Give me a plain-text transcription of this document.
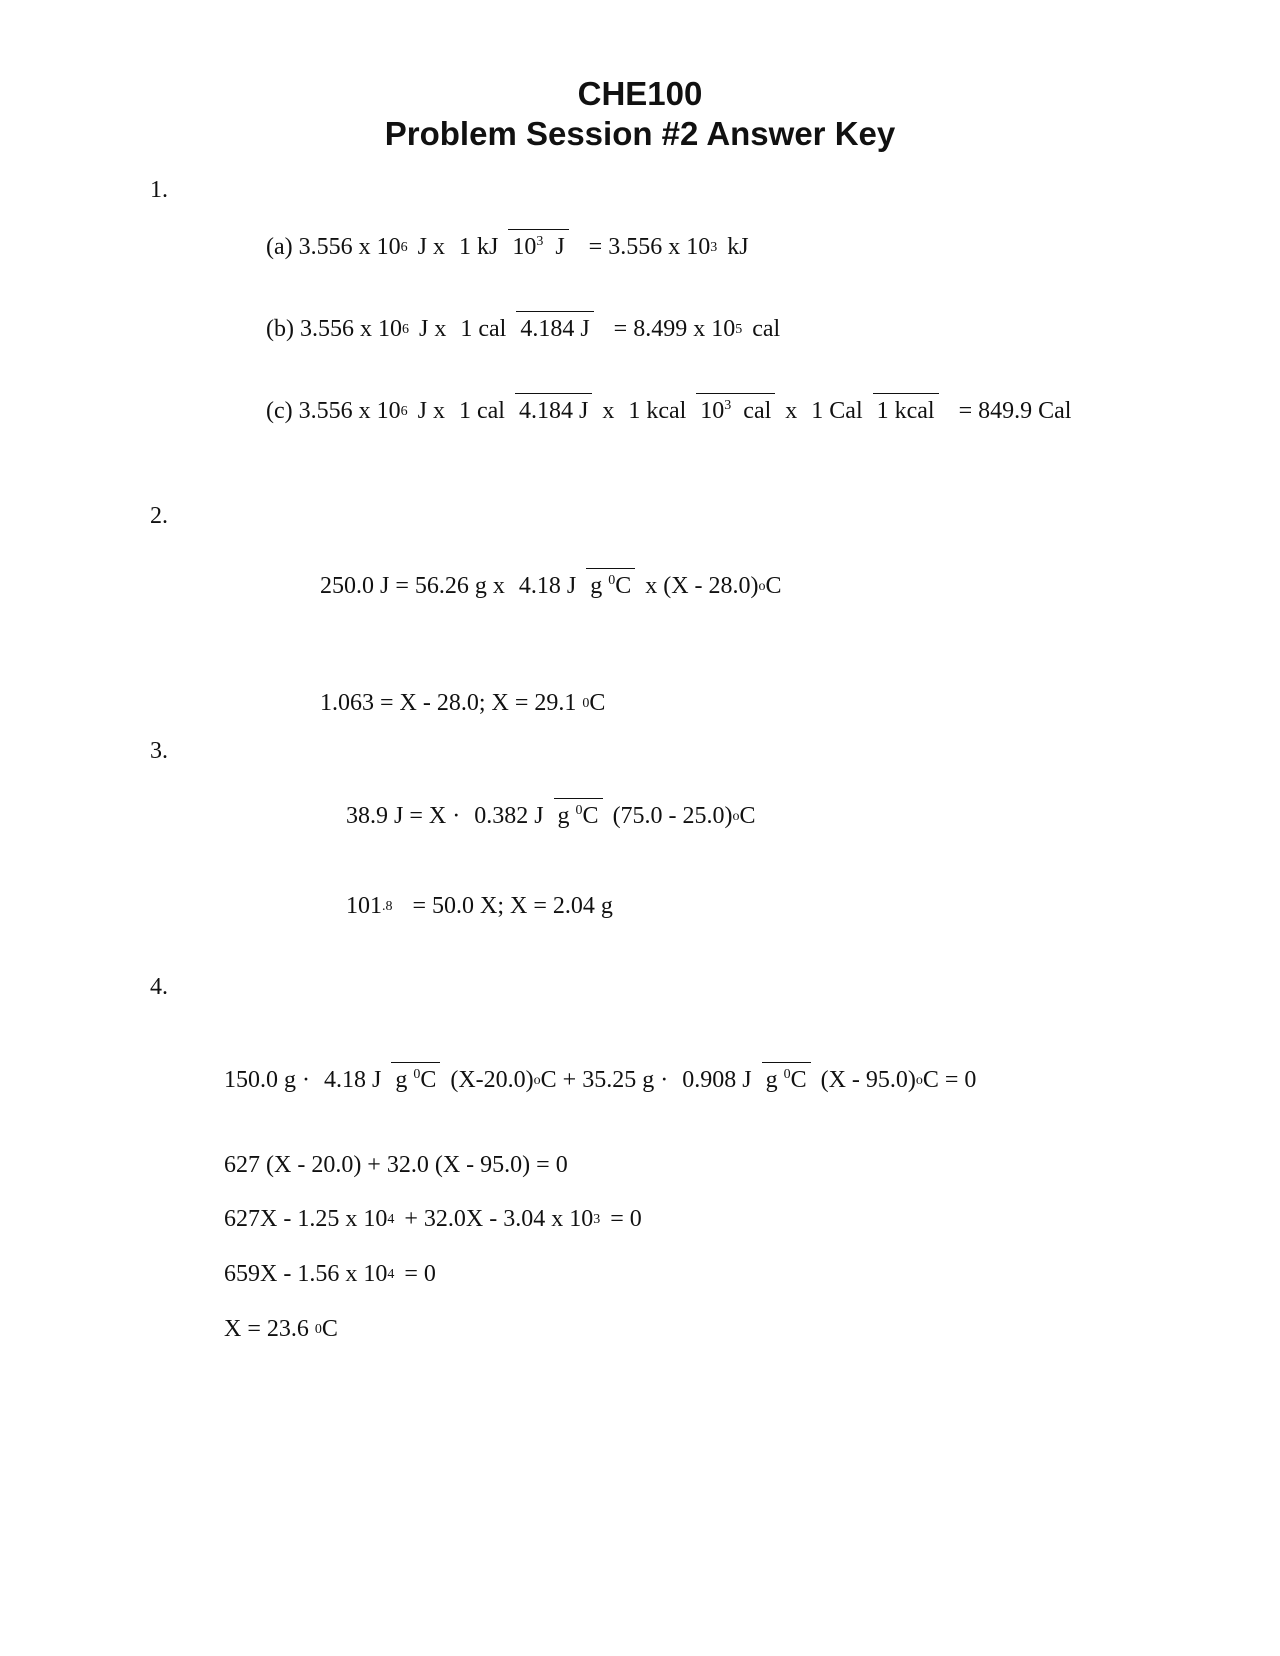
CHE100
Problem Session #2 Answer Key
1.
(a) 3.556 x 10 6 J x 1 kJ $10^3$ J = 3.556 x 10 3 kJ
(b) 3.556 x 10 6 J x 1 cal 4.184 J = 8.499 x 10 5 cal
(c) 3.556 x 10 6 J x 1 cal 4.184 J x 1 kcal $10^3$ cal x 1 Cal 1 kcal = 849.9 Cal
2.
250.0 J = 56.26 g x 4.18 J g $^0$C x (X - 28.0) o C
1.063 = X - 28.0; X = 29.1
0 C
3.
38.9 J = X · 0.382 J g $^0$C (75.0 - 25.0) o C
101 .8 = 50.0 X; X = 2.04 g
4.
150.0 g · 4.18 J g $^0$C (X-20.0) o C + 35.25 g · 0.908 J g $^0$C (X - 95.0) o C = 0
627 (X - 20.0) + 32.0 (X - 95.0) = 0
627X - 1.25 x 10 4 + 32.0X - 3.04 x 10 3 = 0
659X - 1.56 x 10 4 = 0
X = 23.6
0 C
